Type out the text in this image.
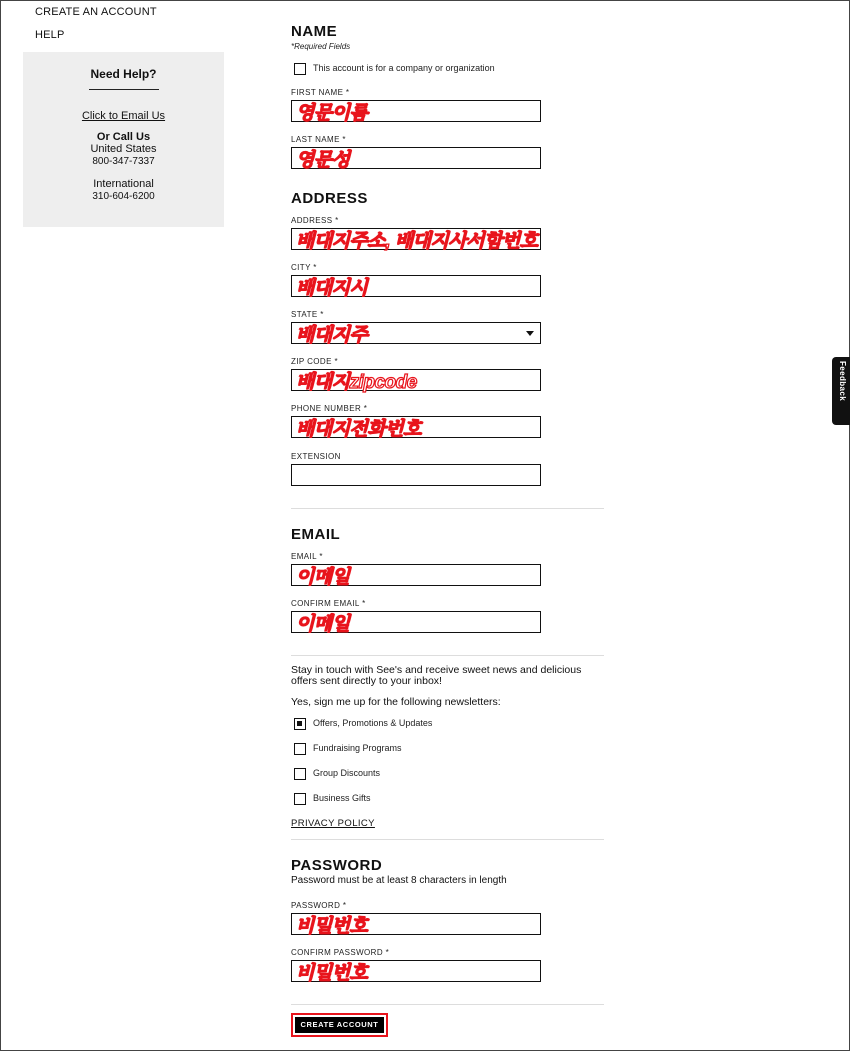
CREATE AN ACCOUNT
HELP
Need Help?
Click to Email Us
Or Call Us
United States
800-347-7337
International
310-604-6200
NAME
*Required Fields
This account is for a company or organization
FIRST NAME *
영문이름
LAST NAME *
영문성
ADDRESS
ADDRESS *
배대지주소, 배대지사서함번호
CITY *
배대지시
STATE *
배대지주
ZIP CODE *
배대지zipcode
PHONE NUMBER *
배대지전화번호
EXTENSION
EMAIL
EMAIL *
이메일
CONFIRM EMAIL *
이메일
Stay in touch with See's and receive sweet news and delicious
offers sent directly to your inbox!
Yes, sign me up for the following newsletters:
Offers, Promotions & Updates
Fundraising Programs
Group Discounts
Business Gifts
PRIVACY POLICY
PASSWORD
Password must be at least 8 characters in length
PASSWORD *
비밀번호
CONFIRM PASSWORD *
비밀번호
CREATE ACCOUNT
Feedback
